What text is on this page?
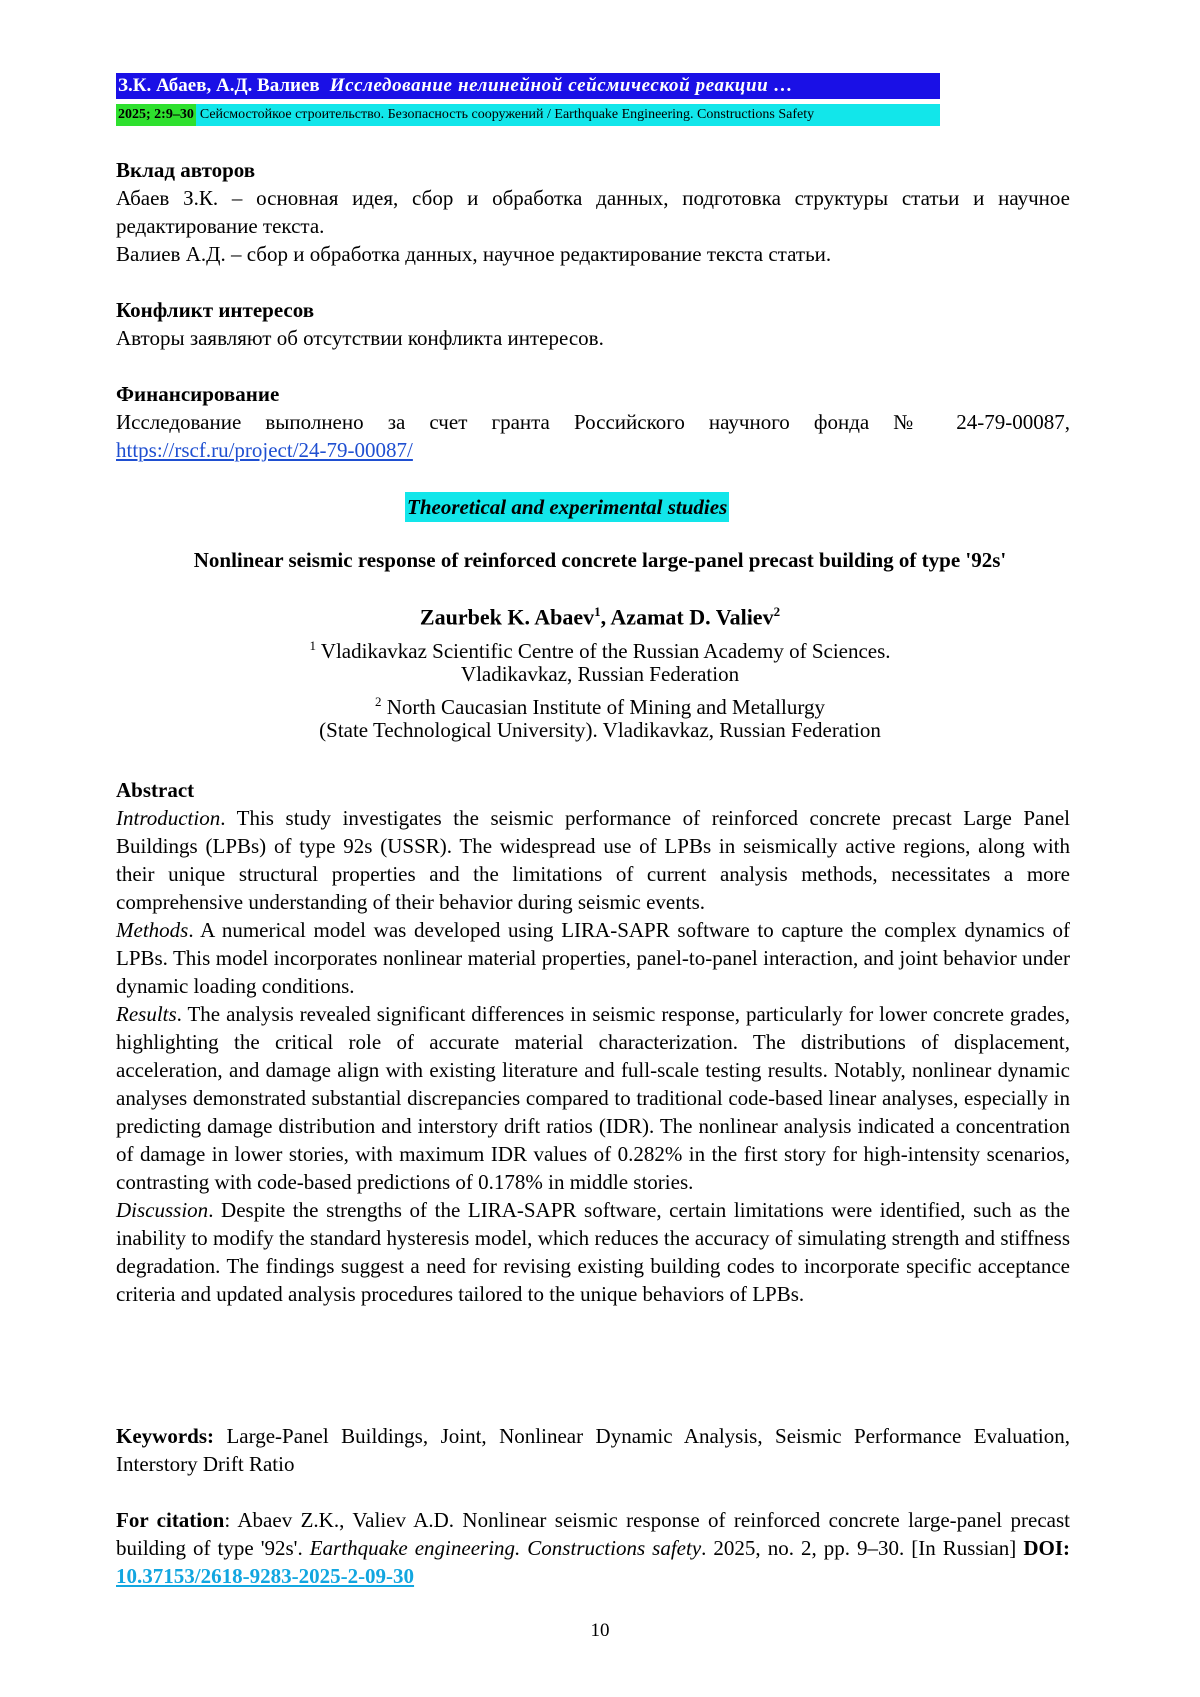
З.К. Абаев, А.Д. Валиев Исследование нелинейной сейсмической реакции …
2025; 2:9–30 Сейсмостойкое строительство. Безопасность сооружений / Earthquake Engineering. Constructions Safety
Вклад авторов
Абаев З.К. – основная идея, сбор и обработка данных, подготовка структуры статьи и научное редактирование текста.
Валиев А.Д. – сбор и обработка данных, научное редактирование текста статьи.
Конфликт интересов
Авторы заявляют об отсутствии конфликта интересов.
Финансирование
Исследование выполнено за счет гранта Российского научного фонда № 24-79-00087,
https://rscf.ru/project/24-79-00087/
Theoretical and experimental studies
Nonlinear seismic response of reinforced concrete large-panel precast building of type '92s'
Zaurbek K. Abaev1, Azamat D. Valiev2
1 Vladikavkaz Scientific Centre of the Russian Academy of Sciences.
Vladikavkaz, Russian Federation
2 North Caucasian Institute of Mining and Metallurgy
(State Technological University). Vladikavkaz, Russian Federation
Abstract

Introduction. This study investigates the seismic performance of reinforced concrete precast Large Panel Buildings (LPBs) of type 92s (USSR). The widespread use of LPBs in seismically active regions, along with their unique structural properties and the limitations of current analysis methods, necessitates a more comprehensive understanding of their behavior during seismic events.

Methods. A numerical model was developed using LIRA-SAPR software to capture the complex dynamics of LPBs. This model incorporates nonlinear material properties, panel-to-panel interaction, and joint behavior under dynamic loading conditions.

Results. The analysis revealed significant differences in seismic response, particularly for lower concrete grades, highlighting the critical role of accurate material characterization. The distributions of displacement, acceleration, and damage align with existing literature and full-scale testing results. Notably, nonlinear dynamic analyses demonstrated substantial discrepancies compared to traditional code-based linear analyses, especially in predicting damage distribution and interstory drift ratios (IDR). The nonlinear analysis indicated a concentration of damage in lower stories, with maximum IDR values of 0.282% in the first story for high-intensity scenarios, contrasting with code-based predictions of 0.178% in middle stories.

Discussion. Despite the strengths of the LIRA-SAPR software, certain limitations were identified, such as the inability to modify the standard hysteresis model, which reduces the accuracy of simulating strength and stiffness degradation. The findings suggest a need for revising existing building codes to incorporate specific acceptance criteria and updated analysis procedures tailored to the unique behaviors of LPBs.

Keywords: Large-Panel Buildings, Joint, Nonlinear Dynamic Analysis, Seismic Performance Evaluation, Interstory Drift Ratio
For citation: Abaev Z.K., Valiev A.D. Nonlinear seismic response of reinforced concrete large-panel precast building of type '92s'. Earthquake engineering. Constructions safety. 2025, no. 2, pp. 9–30. [In Russian] DOI: 10.37153/2618-9283-2025-2-09-30
10
